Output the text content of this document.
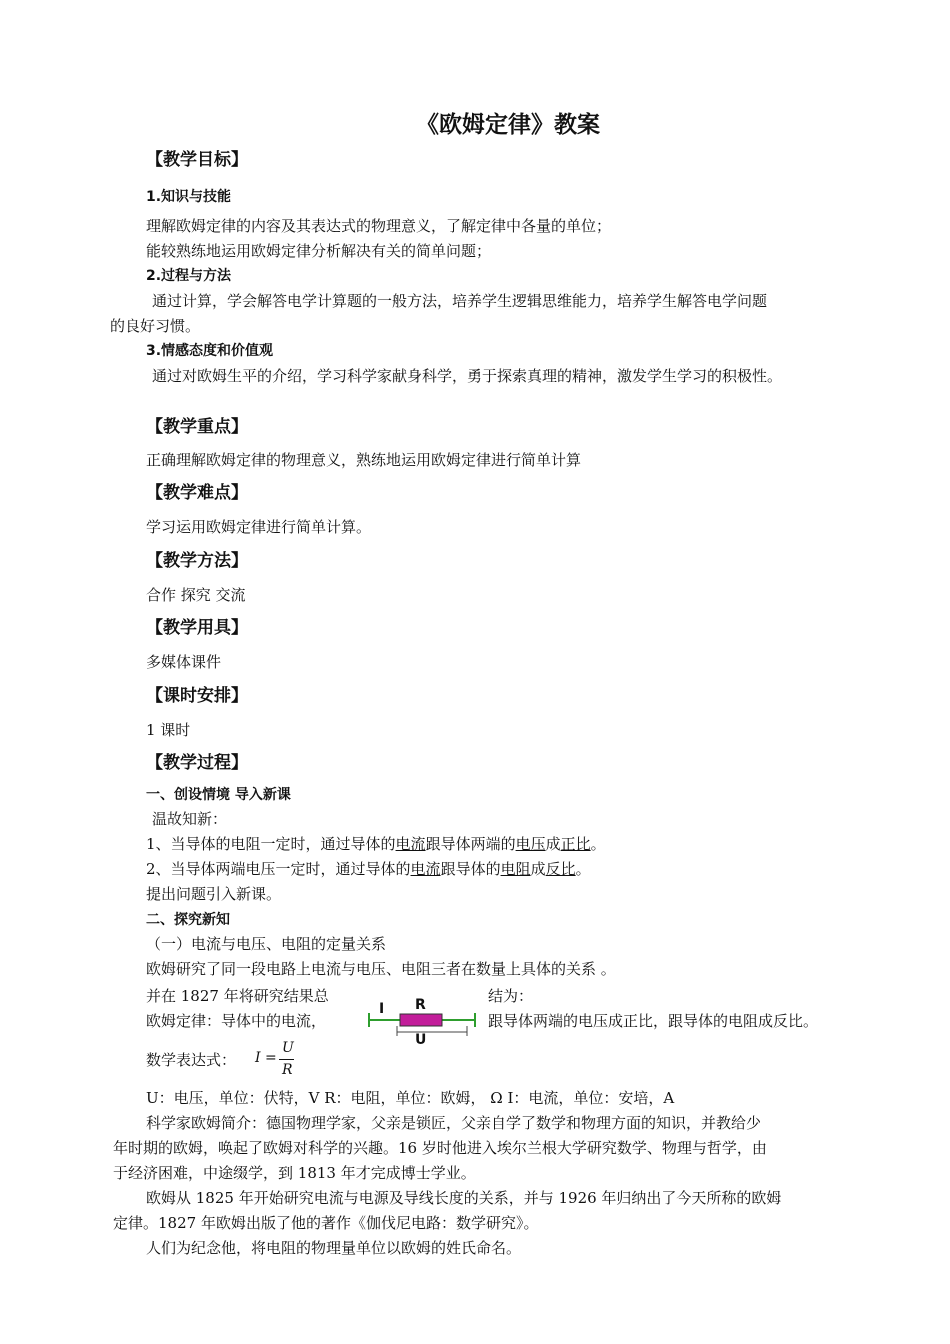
《欧姆定律》教案
【教学目标】
1.知识与技能
理解欧姆定律的内容及其表达式的物理意义，了解定律中各量的单位；
能较熟练地运用欧姆定律分析解决有关的简单问题；
2.过程与方法
通过计算，学会解答电学计算题的一般方法，培养学生逻辑思维能力，培养学生解答电学问题
的良好习惯。
3.情感态度和价值观
通过对欧姆生平的介绍，学习科学家献身科学，勇于探索真理的精神，激发学生学习的积极性。
【教学重点】
正确理解欧姆定律的物理意义，熟练地运用欧姆定律进行简单计算
【教学难点】
学习运用欧姆定律进行简单计算。
【教学方法】
合作 探究 交流
【教学用具】
多媒体课件
【课时安排】
1 课时
【教学过程】
一、创设情境 导入新课
温故知新：
1、当导体的电阻一定时，通过导体的电流跟导体两端的电压成正比。
2、当导体两端电压一定时，通过导体的电流跟导体的电阻成反比。
提出问题引入新课。
二、探究新知
（一）电流与电压、电阻的定量关系
欧姆研究了同一段电路上电流与电压、电阻三者在数量上具体的关系 。
并在 1827 年将研究结果总	结为：
欧姆定律：导体中的电流，	跟导体两端的电压成正比，跟导体的电阻成反比。
I R
U
数学表达式： I =
U
R
U：电压，单位：伏特，V R：电阻，单位：欧姆， Ω I：电流，单位：安培，A
科学家欧姆简介：德国物理学家，父亲是锁匠，父亲自学了数学和物理方面的知识，并教给少
年时期的欧姆，唤起了欧姆对科学的兴趣。16 岁时他进入埃尔兰根大学研究数学、物理与哲学，由
于经济困难，中途缀学，到 1813 年才完成博士学业。
欧姆从 1825 年开始研究电流与电源及导线长度的关系，并与 1926 年归纳出了今天所称的欧姆
定律。1827 年欧姆出版了他的著作《伽伐尼电路：数学研究》。
人们为纪念他，将电阻的物理量单位以欧姆的姓氏命名。
